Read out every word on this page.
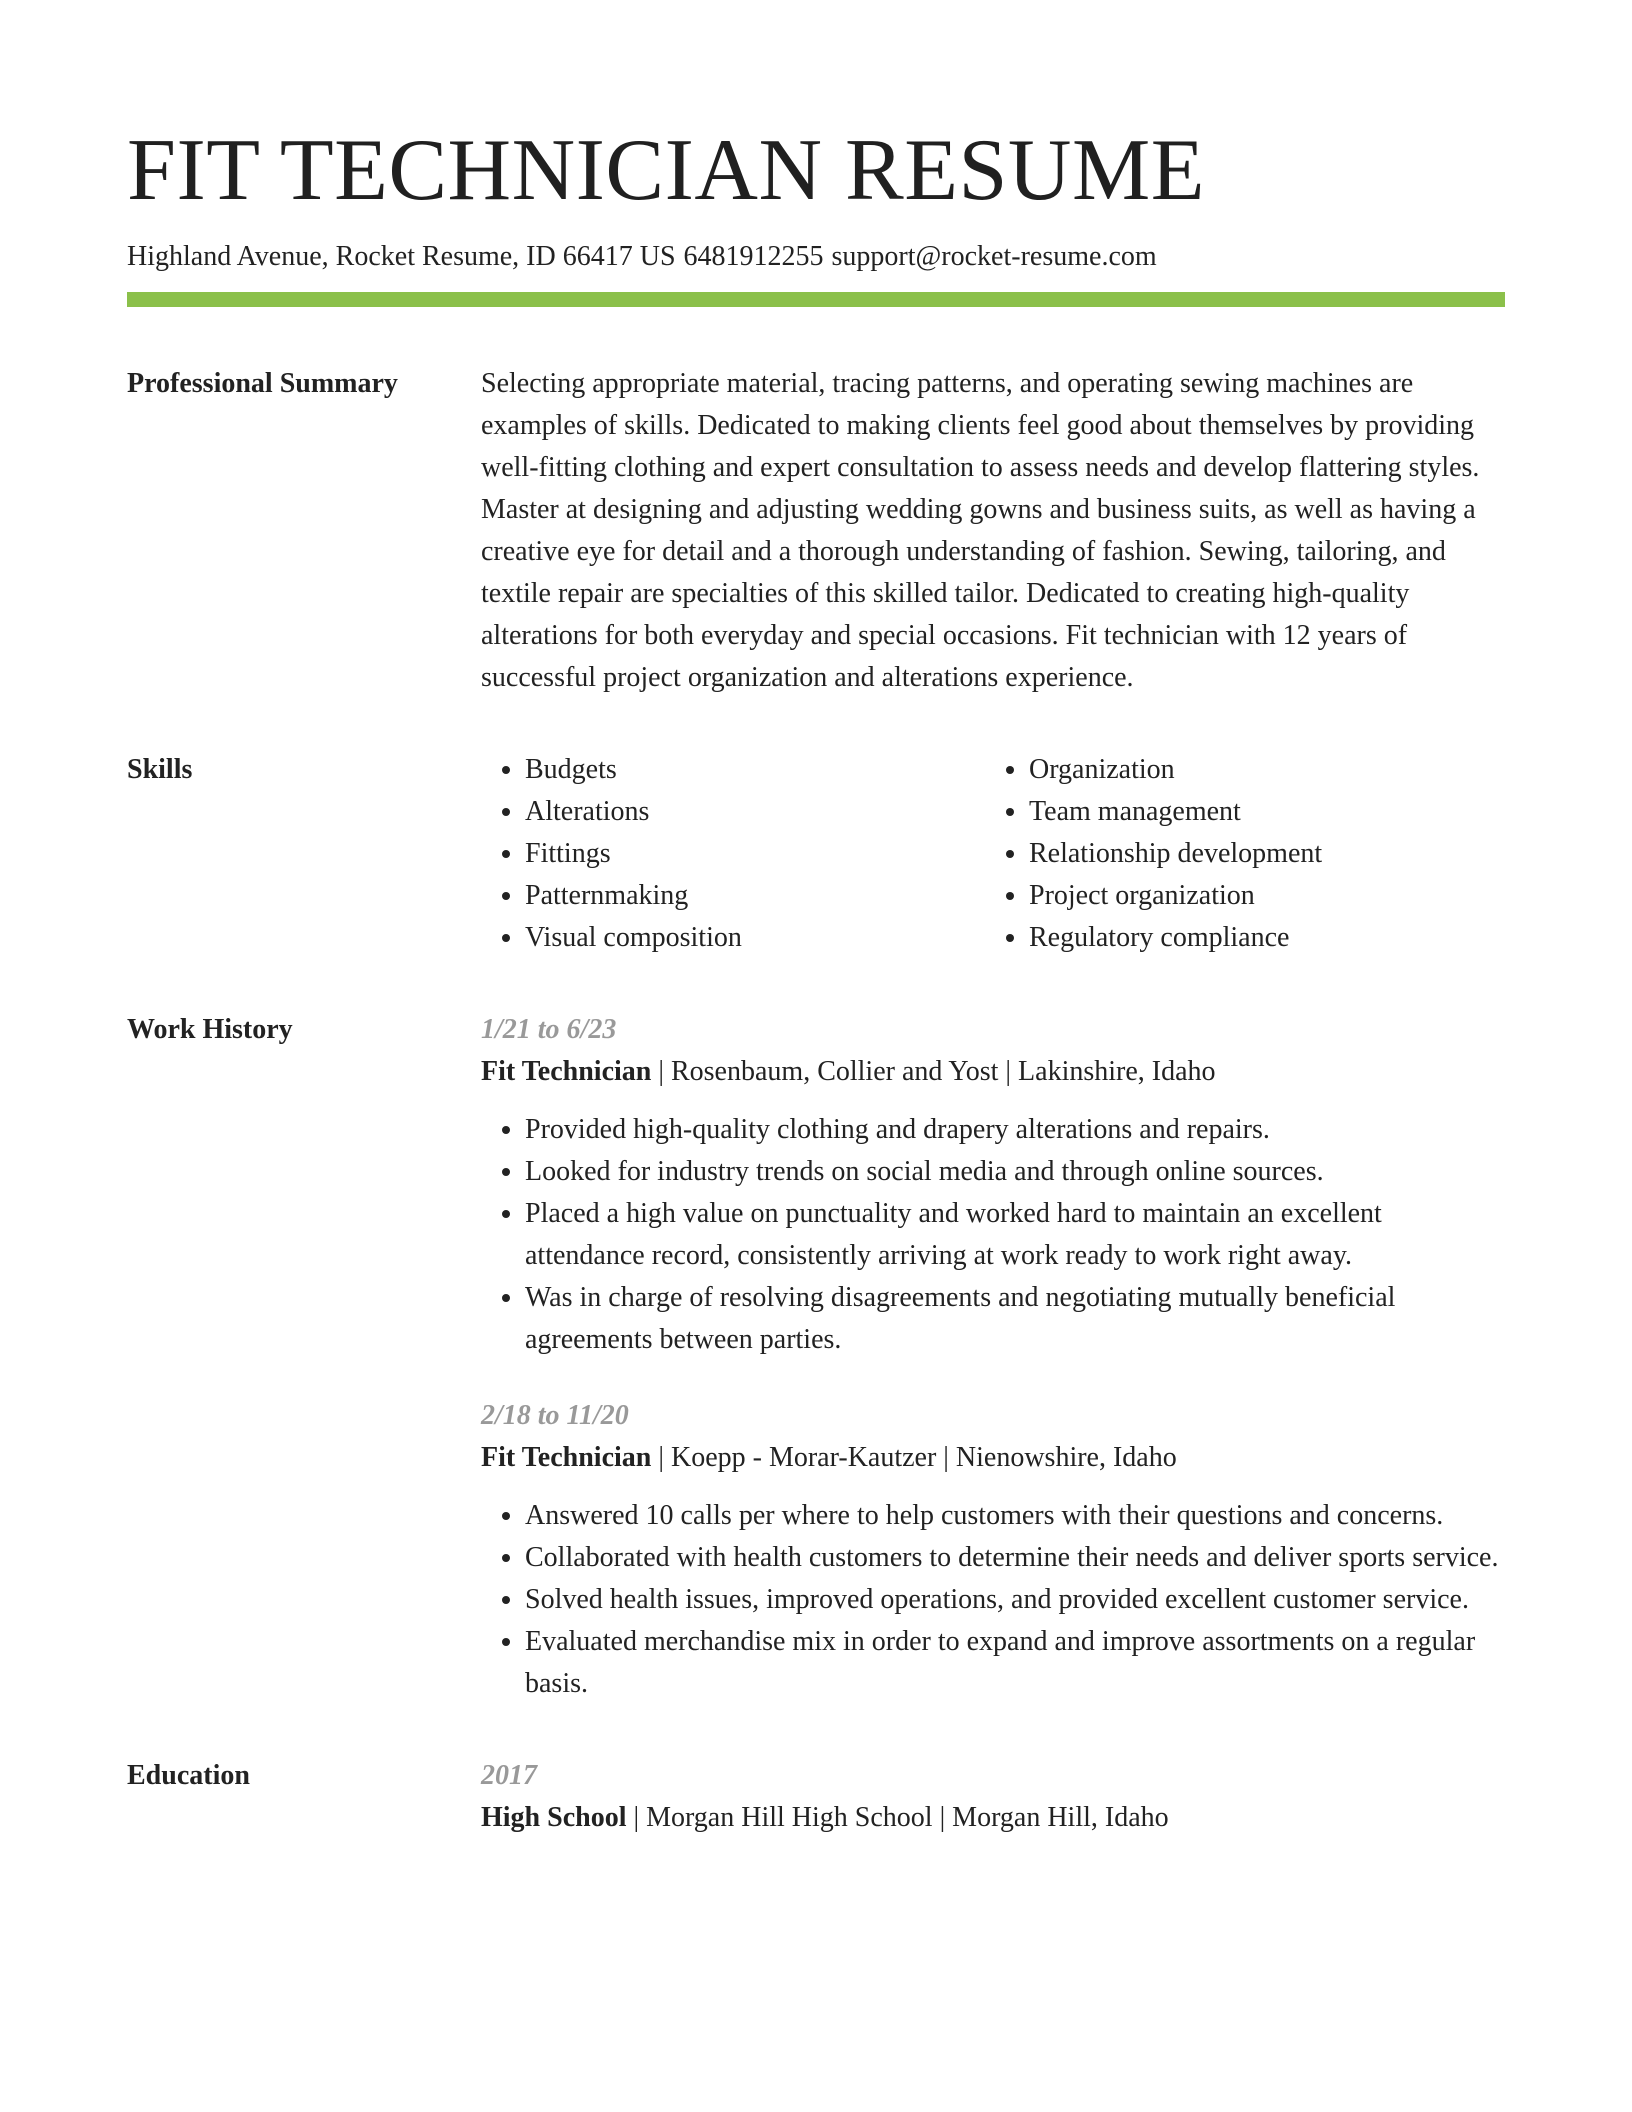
FIT TECHNICIAN RESUME
Highland Avenue, Rocket Resume, ID 66417 US 6481912255 support@rocket-resume.com
Professional Summary	Selecting appropriate material, tracing patterns, and operating sewing machines are examples of skills. Dedicated to making clients feel good about themselves by providing well-fitting clothing and expert consultation to assess needs and develop flattering styles. Master at designing and adjusting wedding gowns and business suits, as well as having a creative eye for detail and a thorough understanding of fashion. Sewing, tailoring, and textile repair are specialties of this skilled tailor. Dedicated to creating high-quality alterations for both everyday and special occasions. Fit technician with 12 years of successful project organization and alterations experience.

Skills
•	Budgets
• Alterations
• Fittings
• Patternmaking
• Visual composition
• Organization
• Team management
• Relationship development
• Project organization
• Regulatory compliance
Work History	1/21 to 6/23
Fit Technician | Rosenbaum, Collier and Yost | Lakinshire, Idaho
• Provided high-quality clothing and drapery alterations and repairs.
• Looked for industry trends on social media and through online sources.
• Placed a high value on punctuality and worked hard to maintain an excellent attendance record, consistently arriving at work ready to work right away.
• Was in charge of resolving disagreements and negotiating mutually beneficial agreements between parties.
2/18 to 11/20
Fit Technician | Koepp - Morar-Kautzer | Nienowshire, Idaho
• Answered 10 calls per where to help customers with their questions and concerns.
• Collaborated with health customers to determine their needs and deliver sports service.
• Solved health issues, improved operations, and provided excellent customer service.
• Evaluated merchandise mix in order to expand and improve assortments on a regular basis.
Education	2017
High School | Morgan Hill High School | Morgan Hill, Idaho
